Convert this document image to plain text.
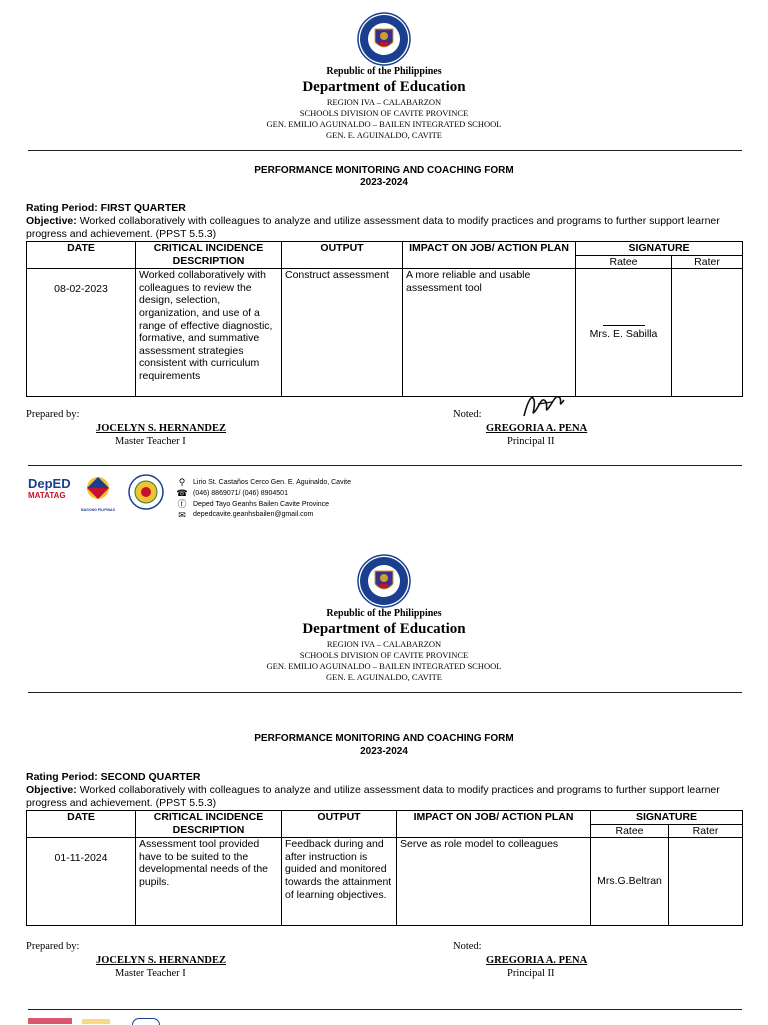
Republic of the Philippines
Department of Education
REGION IVA – CALABARZON
SCHOOLS DIVISION OF CAVITE PROVINCE
GEN. EMILIO AGUINALDO – BAILEN INTEGRATED SCHOOL
GEN. E. AGUINALDO, CAVITE
PERFORMANCE MONITORING AND COACHING FORM
2023-2024
Rating Period: FIRST QUARTER
Objective: Worked collaboratively with colleagues to analyze and utilize assessment data to modify practices and programs to further support learner progress and achievement. (PPST 5.5.3)
DATE	CRITICAL INCIDENCE DESCRIPTION	OUTPUT	IMPACT ON JOB/ ACTION PLAN	SIGNATURE	
				Ratee	Rater
08-02-2023	Worked collaboratively with colleagues to review the design, selection, organization, and use of a range of effective diagnostic, formative, and summative assessment strategies consistent with curriculum requirements	Construct assessment	A more reliable and usable assessment tool	Mrs. E. Sabilla	
Prepared by:
JOCELYN S. HERNANDEZ
Master Teacher I
Noted:
GREGORIA A. PENA
Principal II
DepED
MATATAG
BAGONG PILIPINAS
⚲	Lirio St. Castaños Cerco Gen. E. Aguinaldo, Cavite
☎ (046) 8869071/ (046) 8904501
ⓕ Deped Tayo Geanhs Bailen Cavite Province
✉	depedcavite.geanhsbailen@gmail.com
Republic of the Philippines
Department of Education
REGION IVA – CALABARZON
SCHOOLS DIVISION OF CAVITE PROVINCE
GEN. EMILIO AGUINALDO – BAILEN INTEGRATED SCHOOL
GEN. E. AGUINALDO, CAVITE
PERFORMANCE MONITORING AND COACHING FORM
2023-2024
Rating Period: SECOND QUARTER
Objective: Worked collaboratively with colleagues to analyze and utilize assessment data to modify practices and programs to further support learner progress and achievement. (PPST 5.5.3)
DATE	CRITICAL INCIDENCE DESCRIPTION	OUTPUT	IMPACT ON JOB/ ACTION PLAN	SIGNATURE	
				Ratee	Rater
01-11-2024	Assessment tool provided have to be suited to the developmental needs of the pupils.	Feedback during and after instruction is guided and monitored towards the attainment of learning objectives.	Serve as role model to colleagues	Mrs.G.Beltran	
Prepared by:
JOCELYN S. HERNANDEZ
Master Teacher I
Noted:
GREGORIA A. PENA
Principal II
